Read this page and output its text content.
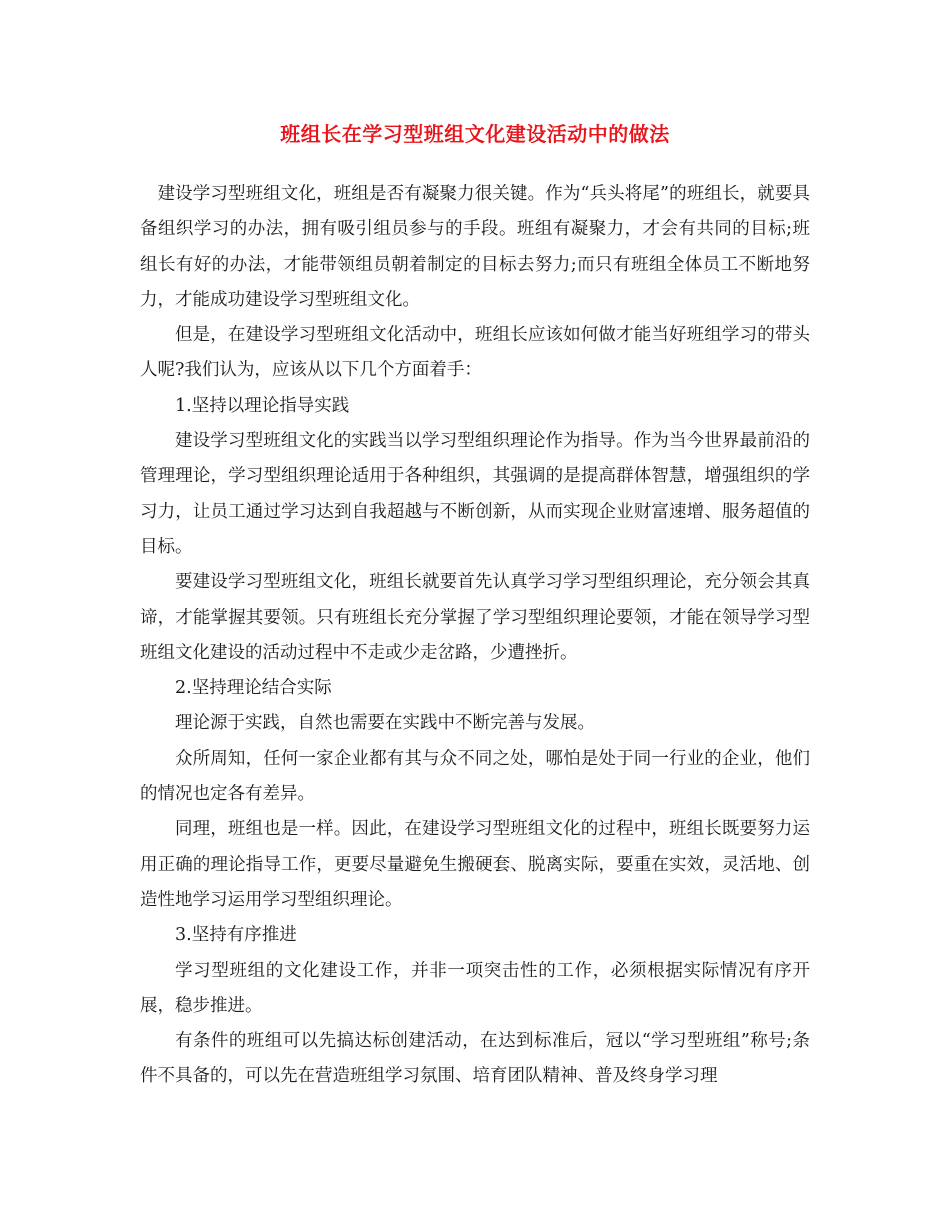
班组长在学习型班组文化建设活动中的做法

建设学习型班组文化，班组是否有凝聚力很关键。作为“兵头将尾”的班组长，就要具备组织学习的办法，拥有吸引组员参与的手段。班组有凝聚力，才会有共同的目标;班组长有好的办法，才能带领组员朝着制定的目标去努力;而只有班组全体员工不断地努力，才能成功建设学习型班组文化。

但是，在建设学习型班组文化活动中，班组长应该如何做才能当好班组学习的带头人呢?我们认为，应该从以下几个方面着手：

1.坚持以理论指导实践

建设学习型班组文化的实践当以学习型组织理论作为指导。作为当今世界最前沿的管理理论，学习型组织理论适用于各种组织，其强调的是提高群体智慧，增强组织的学习力，让员工通过学习达到自我超越与不断创新，从而实现企业财富速增、服务超值的目标。

要建设学习型班组文化，班组长就要首先认真学习学习型组织理论，充分领会其真谛，才能掌握其要领。只有班组长充分掌握了学习型组织理论要领，才能在领导学习型班组文化建设的活动过程中不走或少走岔路，少遭挫折。

2.坚持理论结合实际

理论源于实践，自然也需要在实践中不断完善与发展。

众所周知，任何一家企业都有其与众不同之处，哪怕是处于同一行业的企业，他们的情况也定各有差异。

同理，班组也是一样。因此，在建设学习型班组文化的过程中，班组长既要努力运用正确的理论指导工作，更要尽量避免生搬硬套、脱离实际，要重在实效，灵活地、创造性地学习运用学习型组织理论。

3.坚持有序推进

学习型班组的文化建设工作，并非一项突击性的工作，必须根据实际情况有序开展，稳步推进。

有条件的班组可以先搞达标创建活动，在达到标准后，冠以“学习型班组”称号;条件不具备的，可以先在营造班组学习氛围、培育团队精神、普及终身学习理
